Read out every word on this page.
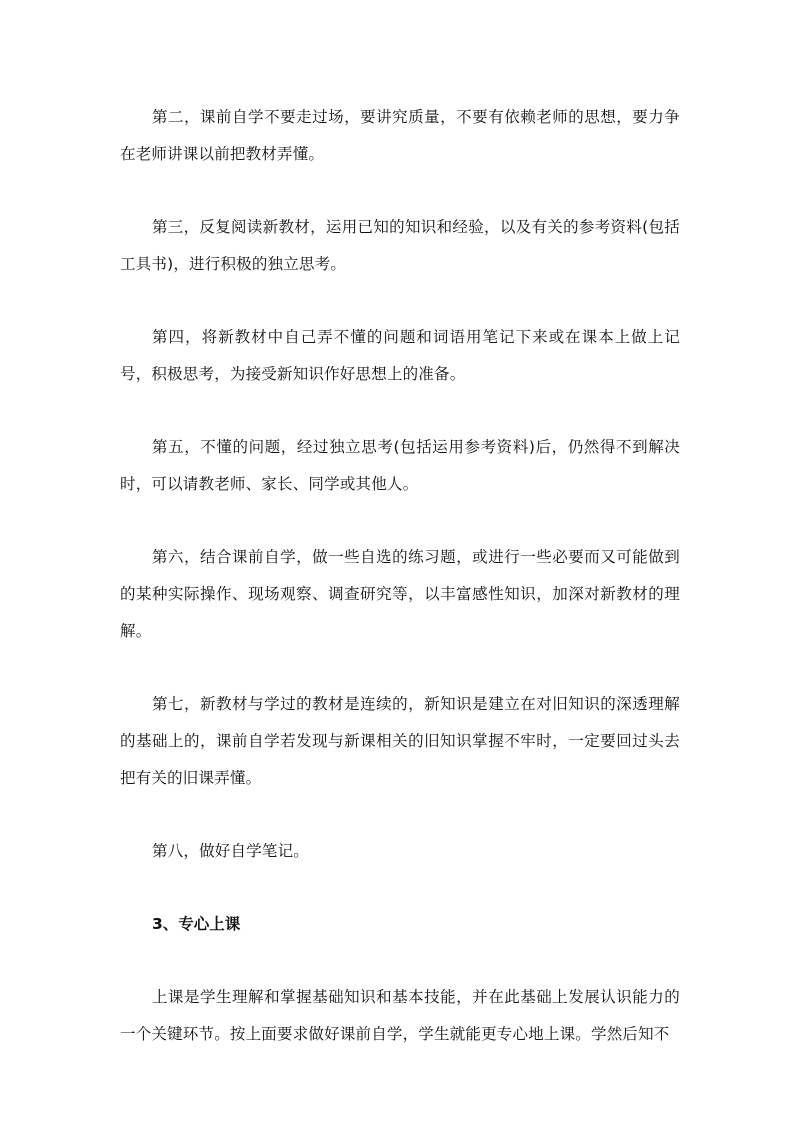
第二，课前自学不要走过场，要讲究质量，不要有依赖老师的思想，要力争在老师讲课以前把教材弄懂。

第三，反复阅读新教材，运用已知的知识和经验，以及有关的参考资料(包括工具书)，进行积极的独立思考。

第四，将新教材中自己弄不懂的问题和词语用笔记下来或在课本上做上记号，积极思考，为接受新知识作好思想上的准备。

第五，不懂的问题，经过独立思考(包括运用参考资料)后，仍然得不到解决时，可以请教老师、家长、同学或其他人。

第六，结合课前自学，做一些自选的练习题，或进行一些必要而又可能做到的某种实际操作、现场观察、调查研究等，以丰富感性知识，加深对新教材的理解。

第七，新教材与学过的教材是连续的，新知识是建立在对旧知识的深透理解的基础上的，课前自学若发现与新课相关的旧知识掌握不牢时，一定要回过头去把有关的旧课弄懂。

第八，做好自学笔记。

3、专心上课

上课是学生理解和掌握基础知识和基本技能，并在此基础上发展认识能力的一个关键环节。按上面要求做好课前自学，学生就能更专心地上课。学然后知不
